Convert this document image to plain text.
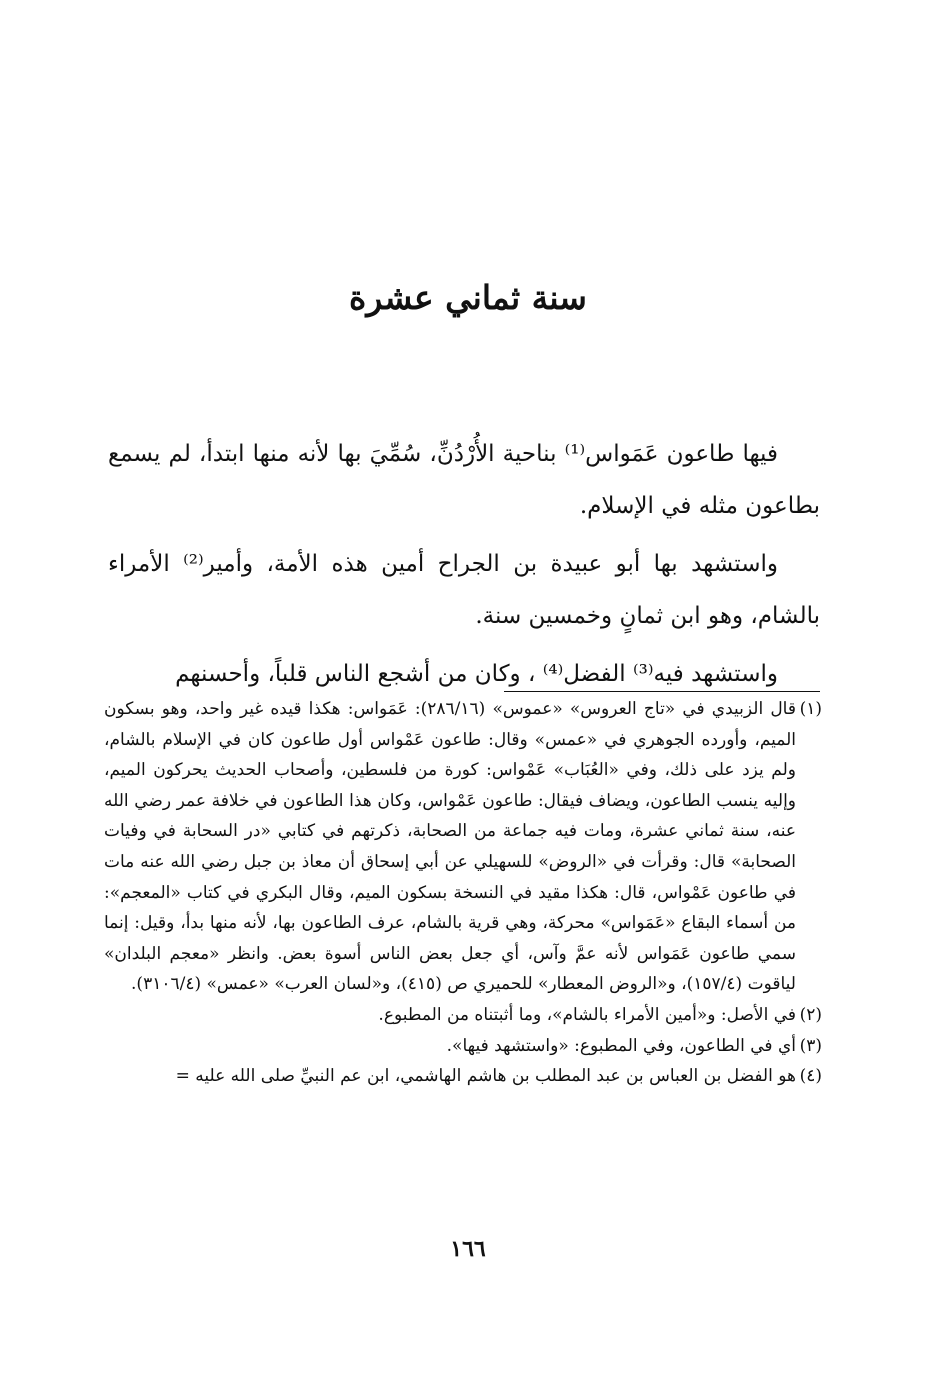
سنة ثماني عشرة

فيها طاعون عَمَواس⁽¹⁾ بناحية الأُرْدُنِّ، سُمِّيَ بها لأنه منها ابتدأ، لم يسمع بطاعون مثله في الإسلام.

واستشهد بها أبو عبيدة بن الجراح أمين هذه الأمة، وأمير⁽²⁾ الأمراء بالشام، وهو ابن ثمانٍ وخمسين سنة.

واستشهد فيه⁽³⁾ الفضل⁽⁴⁾ ، وكان من أشجع الناس قلباً، وأحسنهم

(١)قال الزبيدي في «تاج العروس» «عموس» (٢٨٦/١٦): عَمَواس: هكذا قيده غير واحد، وهو بسكون الميم، وأورده الجوهري في «عمس» وقال: طاعون عَمْواس أول طاعون كان في الإسلام بالشام، ولم يزد على ذلك، وفي «العُبَاب» عَمْواس: كورة من فلسطين، وأصحاب الحديث يحركون الميم، وإليه ينسب الطاعون، ويضاف فيقال: طاعون عَمْواس، وكان هذا الطاعون في خلافة عمر رضي الله عنه، سنة ثماني عشرة، ومات فيه جماعة من الصحابة، ذكرتهم في كتابي «در السحابة في وفيات الصحابة» قال: وقرأت في «الروض» للسهيلي عن أبي إسحاق أن معاذ بن جبل رضي الله عنه مات في طاعون عَمْواس، قال: هكذا مقيد في النسخة بسكون الميم، وقال البكري في كتاب «المعجم»: من أسماء البقاع «عَمَواس» محركة، وهي قرية بالشام، عرف الطاعون بها، لأنه منها بدأ، وقيل: إنما سمي طاعون عَمَواس لأنه عمَّ وآس، أي جعل بعض الناس أسوة بعض. وانظر «معجم البلدان» لياقوت (١٥٧/٤)، و«الروض المعطار» للحميري ص (٤١٥)، و«لسان العرب» «عمس» (٣١٠٦/٤).

(٢)في الأصل: و«أمين الأمراء بالشام»، وما أثبتناه من المطبوع.

(٣)أي في الطاعون، وفي المطبوع: «واستشهد فيها».

(٤)هو الفضل بن العباس بن عبد المطلب بن هاشم الهاشمي، ابن عم النبيِّ صلى الله عليه =

١٦٦
